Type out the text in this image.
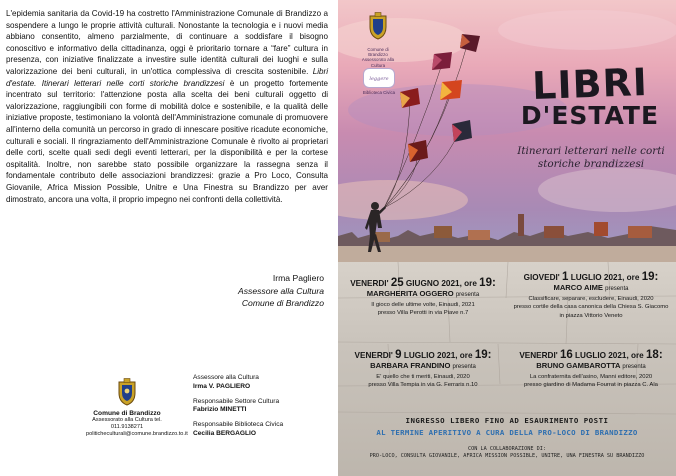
L'epidemia sanitaria da Covid-19 ha costretto l'Amministrazione Comunale di Brandizzo a sospendere a lungo le proprie attività culturali. Nonostante la tecnologia e i nuovi media abbiano consentito, almeno parzialmente, di continuare a soddisfare il bisogno conoscitivo e informativo della cittadinanza, oggi è prioritario tornare a “fare” cultura in presenza, con iniziative finalizzate a investire sulle identità culturali dei luoghi e sulla valorizzazione dei beni culturali, in un'ottica complessiva di crescita sostenibile. Libri d'estate. Itinerari letterari nelle corti storiche brandizzesi è un progetto fortemente incentrato sul territorio: l'attenzione posta alla scelta dei beni culturali oggetto di valorizzazione, raggiungibili con forme di mobilità dolce e sostenibile, e la qualità delle iniziative proposte, testimoniano la volontà dell'Amministrazione comunale di promuovere all'interno della comunità un percorso in grado di innescare positive ricadute economiche, culturali e sociali. Il ringraziamento dell'Amministrazione Comunale è rivolto ai proprietari delle corti, scelte quali sedi degli eventi letterari, per la disponibilità e per la cortese ospitalità. Inoltre, non sarebbe stato possibile organizzare la rassegna senza il fondamentale contributo delle associazioni brandizzesi: grazie a Pro Loco, Consulta Giovanile, Africa Mission Possible, Unitre e Una Finestra su Brandizzo per aver dimostrato, ancora una volta, il proprio impegno nei confronti della collettività.
Irma Pagliero
Assessore alla Cultura
Comune di Brandizzo
Comune di Brandizzo
Assessorato alla Cultura tel. 011.9138271
politicheculturali@comune.brandizzo.to.it
Assessore alla Cultura
Irma V. PAGLIERO
Responsabile Settore Cultura
Fabrizio MINETTI
Responsabile Biblioteca Civica
Cecilia BERGAGLIO
Comune di Brandizzo Assessorato alla Cultura
leggere
Biblioteca Civica	LIBRI
D'ESTATE
Itinerari letterari nelle corti
storiche brandizzesi
VENERDI' 25 GIUGNO 2021, ore 19:
MARGHERITA OGGERO presenta
Il gioco delle ultime volte, Einaudi, 2021
presso Villa Perotti in via Piave n.7
GIOVEDI' 1 LUGLIO 2021, ore 19:
MARCO AIME presenta
Classificare, separare, escludere, Einaudi, 2020
presso cortile della casa canonica della Chiesa S. Giacomo
in piazza Vittorio Veneto
VENERDI' 9 LUGLIO 2021, ore 19:
BARBARA FRANDINO presenta
E' quello che ti meriti, Einaudi, 2020
presso Villa Tempia in via G. Ferraris n.10
VENERDI' 16 LUGLIO 2021, ore 18:
BRUNO GAMBAROTTA presenta
La confraternita dell'asino, Manni editore, 2020
presso giardino di Madama Fourrat in piazza C. Ala
INGRESSO LIBERO FINO AD ESAURIMENTO POSTI
AL TERMINE APERITIVO A CURA DELLA PRO-LOCO DI BRANDIZZO
CON LA COLLABORAZIONE DI:
PRO-LOCO, CONSULTA GIOVANILE, AFRICA MISSION POSSIBLE, UNITRE, UNA FINESTRA SU BRANDIZZO
